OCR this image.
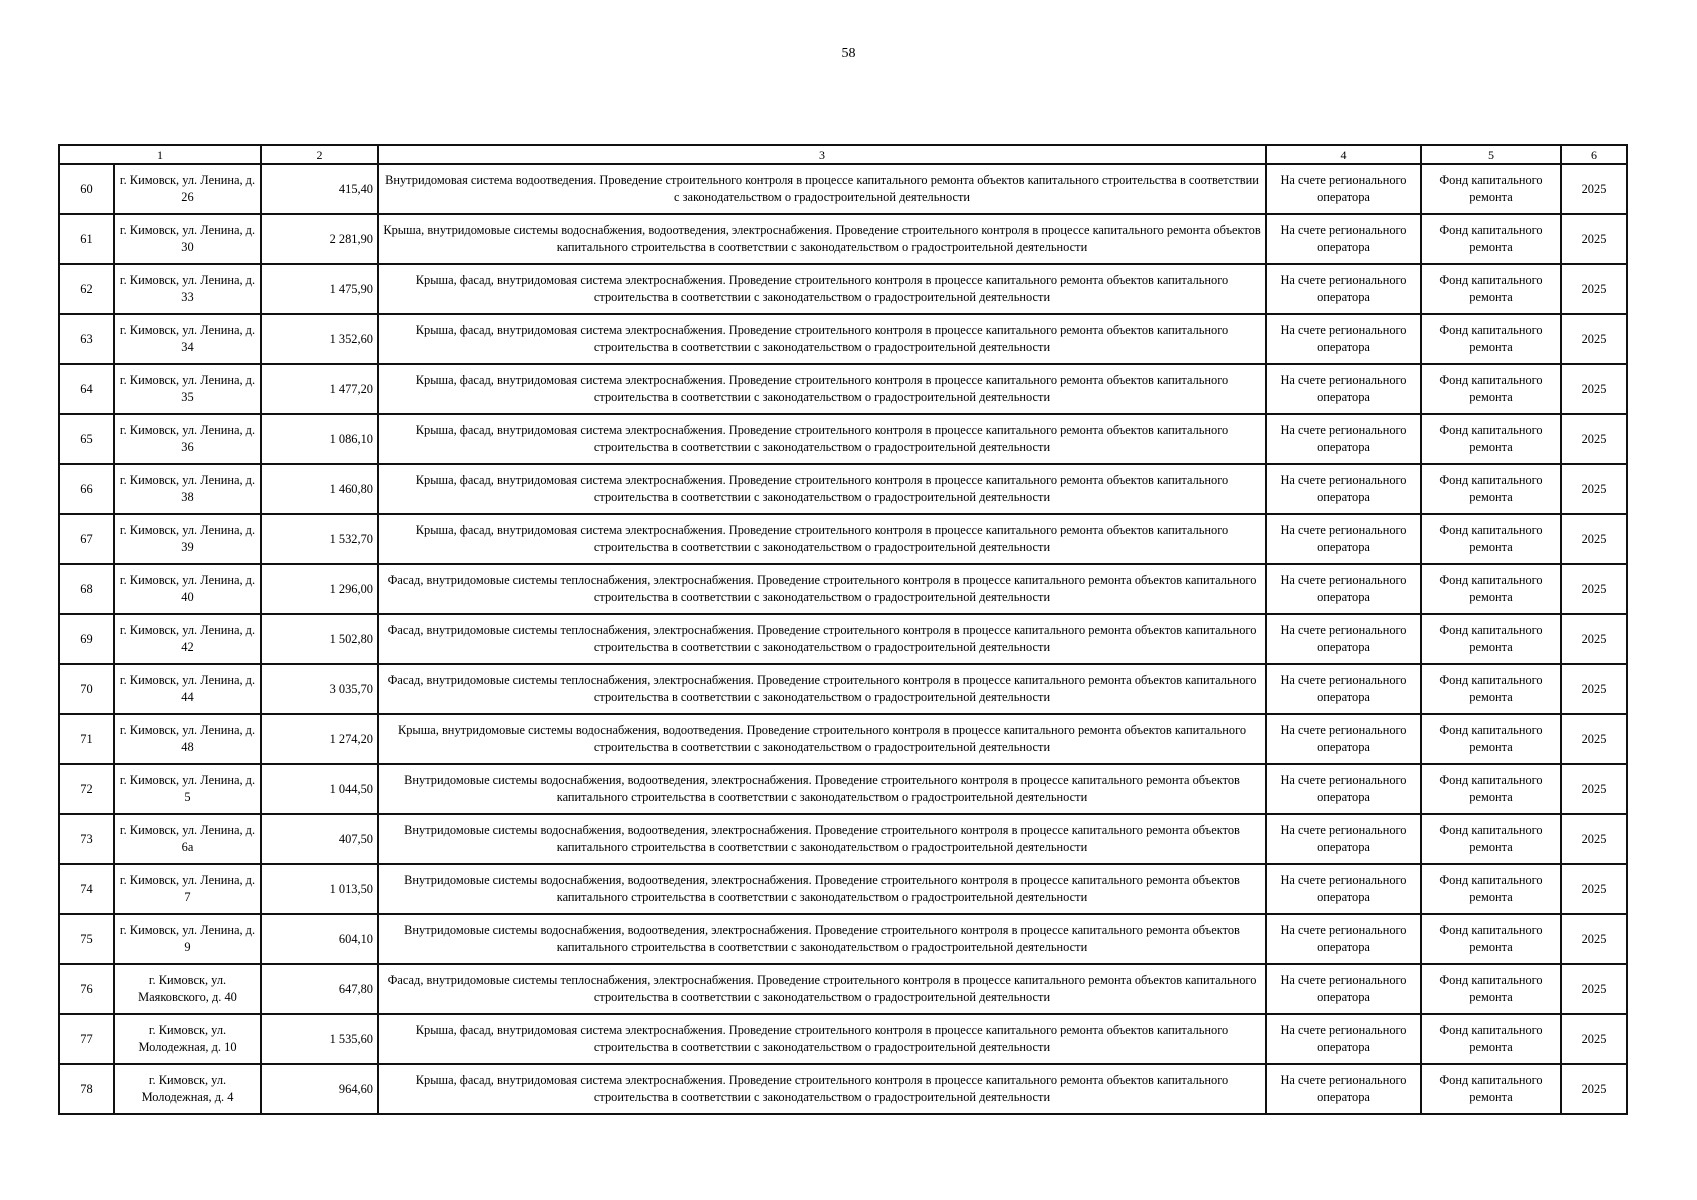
58
1		2	3	4	5	6
60	г. Кимовск, ул. Ленина, д. 26	415,40	Внутридомовая система водоотведения. Проведение строительного контроля в процессе капитального ремонта объектов капитального строительства в соответствии с законодательством о градостроительной деятельности	На счете регионального оператора	Фонд капитального ремонта	2025
61	г. Кимовск, ул. Ленина, д. 30	2 281,90	Крыша, внутридомовые системы водоснабжения, водоотведения, электроснабжения. Проведение строительного контроля в процессе капитального ремонта объектов капитального строительства в соответствии с законодательством о градостроительной деятельности	На счете регионального оператора	Фонд капитального ремонта	2025
62	г. Кимовск, ул. Ленина, д. 33	1 475,90	Крыша, фасад, внутридомовая система электроснабжения. Проведение строительного контроля в процессе капитального ремонта объектов капитального строительства в соответствии с законодательством о градостроительной деятельности	На счете регионального оператора	Фонд капитального ремонта	2025
63	г. Кимовск, ул. Ленина, д. 34	1 352,60	Крыша, фасад, внутридомовая система электроснабжения. Проведение строительного контроля в процессе капитального ремонта объектов капитального строительства в соответствии с законодательством о градостроительной деятельности	На счете регионального оператора	Фонд капитального ремонта	2025
64	г. Кимовск, ул. Ленина, д. 35	1 477,20	Крыша, фасад, внутридомовая система электроснабжения. Проведение строительного контроля в процессе капитального ремонта объектов капитального строительства в соответствии с законодательством о градостроительной деятельности	На счете регионального оператора	Фонд капитального ремонта	2025
65	г. Кимовск, ул. Ленина, д. 36	1 086,10	Крыша, фасад, внутридомовая система электроснабжения. Проведение строительного контроля в процессе капитального ремонта объектов капитального строительства в соответствии с законодательством о градостроительной деятельности	На счете регионального оператора	Фонд капитального ремонта	2025
66	г. Кимовск, ул. Ленина, д. 38	1 460,80	Крыша, фасад, внутридомовая система электроснабжения. Проведение строительного контроля в процессе капитального ремонта объектов капитального строительства в соответствии с законодательством о градостроительной деятельности	На счете регионального оператора	Фонд капитального ремонта	2025
67	г. Кимовск, ул. Ленина, д. 39	1 532,70	Крыша, фасад, внутридомовая система электроснабжения. Проведение строительного контроля в процессе капитального ремонта объектов капитального строительства в соответствии с законодательством о градостроительной деятельности	На счете регионального оператора	Фонд капитального ремонта	2025
68	г. Кимовск, ул. Ленина, д. 40	1 296,00	Фасад, внутридомовые системы теплоснабжения, электроснабжения. Проведение строительного контроля в процессе капитального ремонта объектов капитального строительства в соответствии с законодательством о градостроительной деятельности	На счете регионального оператора	Фонд капитального ремонта	2025
69	г. Кимовск, ул. Ленина, д. 42	1 502,80	Фасад, внутридомовые системы теплоснабжения, электроснабжения. Проведение строительного контроля в процессе капитального ремонта объектов капитального строительства в соответствии с законодательством о градостроительной деятельности	На счете регионального оператора	Фонд капитального ремонта	2025
70	г. Кимовск, ул. Ленина, д. 44	3 035,70	Фасад, внутридомовые системы теплоснабжения, электроснабжения. Проведение строительного контроля в процессе капитального ремонта объектов капитального строительства в соответствии с законодательством о градостроительной деятельности	На счете регионального оператора	Фонд капитального ремонта	2025
71	г. Кимовск, ул. Ленина, д. 48	1 274,20	Крыша, внутридомовые системы водоснабжения, водоотведения. Проведение строительного контроля в процессе капитального ремонта объектов капитального строительства в соответствии с законодательством о градостроительной деятельности	На счете регионального оператора	Фонд капитального ремонта	2025
72	г. Кимовск, ул. Ленина, д. 5	1 044,50	Внутридомовые системы водоснабжения, водоотведения, электроснабжения. Проведение строительного контроля в процессе капитального ремонта объектов капитального строительства в соответствии с законодательством о градостроительной деятельности	На счете регионального оператора	Фонд капитального ремонта	2025
73	г. Кимовск, ул. Ленина, д. 6а	407,50	Внутридомовые системы водоснабжения, водоотведения, электроснабжения. Проведение строительного контроля в процессе капитального ремонта объектов капитального строительства в соответствии с законодательством о градостроительной деятельности	На счете регионального оператора	Фонд капитального ремонта	2025
74	г. Кимовск, ул. Ленина, д. 7	1 013,50	Внутридомовые системы водоснабжения, водоотведения, электроснабжения. Проведение строительного контроля в процессе капитального ремонта объектов капитального строительства в соответствии с законодательством о градостроительной деятельности	На счете регионального оператора	Фонд капитального ремонта	2025
75	г. Кимовск, ул. Ленина, д. 9	604,10	Внутридомовые системы водоснабжения, водоотведения, электроснабжения. Проведение строительного контроля в процессе капитального ремонта объектов капитального строительства в соответствии с законодательством о градостроительной деятельности	На счете регионального оператора	Фонд капитального ремонта	2025
76	г. Кимовск, ул. Маяковского, д. 40	647,80	Фасад, внутридомовые системы теплоснабжения, электроснабжения. Проведение строительного контроля в процессе капитального ремонта объектов капитального строительства в соответствии с законодательством о градостроительной деятельности	На счете регионального оператора	Фонд капитального ремонта	2025
77	г. Кимовск, ул. Молодежная, д. 10	1 535,60	Крыша, фасад, внутридомовая система электроснабжения. Проведение строительного контроля в процессе капитального ремонта объектов капитального строительства в соответствии с законодательством о градостроительной деятельности	На счете регионального оператора	Фонд капитального ремонта	2025
78	г. Кимовск, ул. Молодежная, д. 4	964,60	Крыша, фасад, внутридомовая система электроснабжения. Проведение строительного контроля в процессе капитального ремонта объектов капитального строительства в соответствии с законодательством о градостроительной деятельности	На счете регионального оператора	Фонд капитального ремонта	2025
